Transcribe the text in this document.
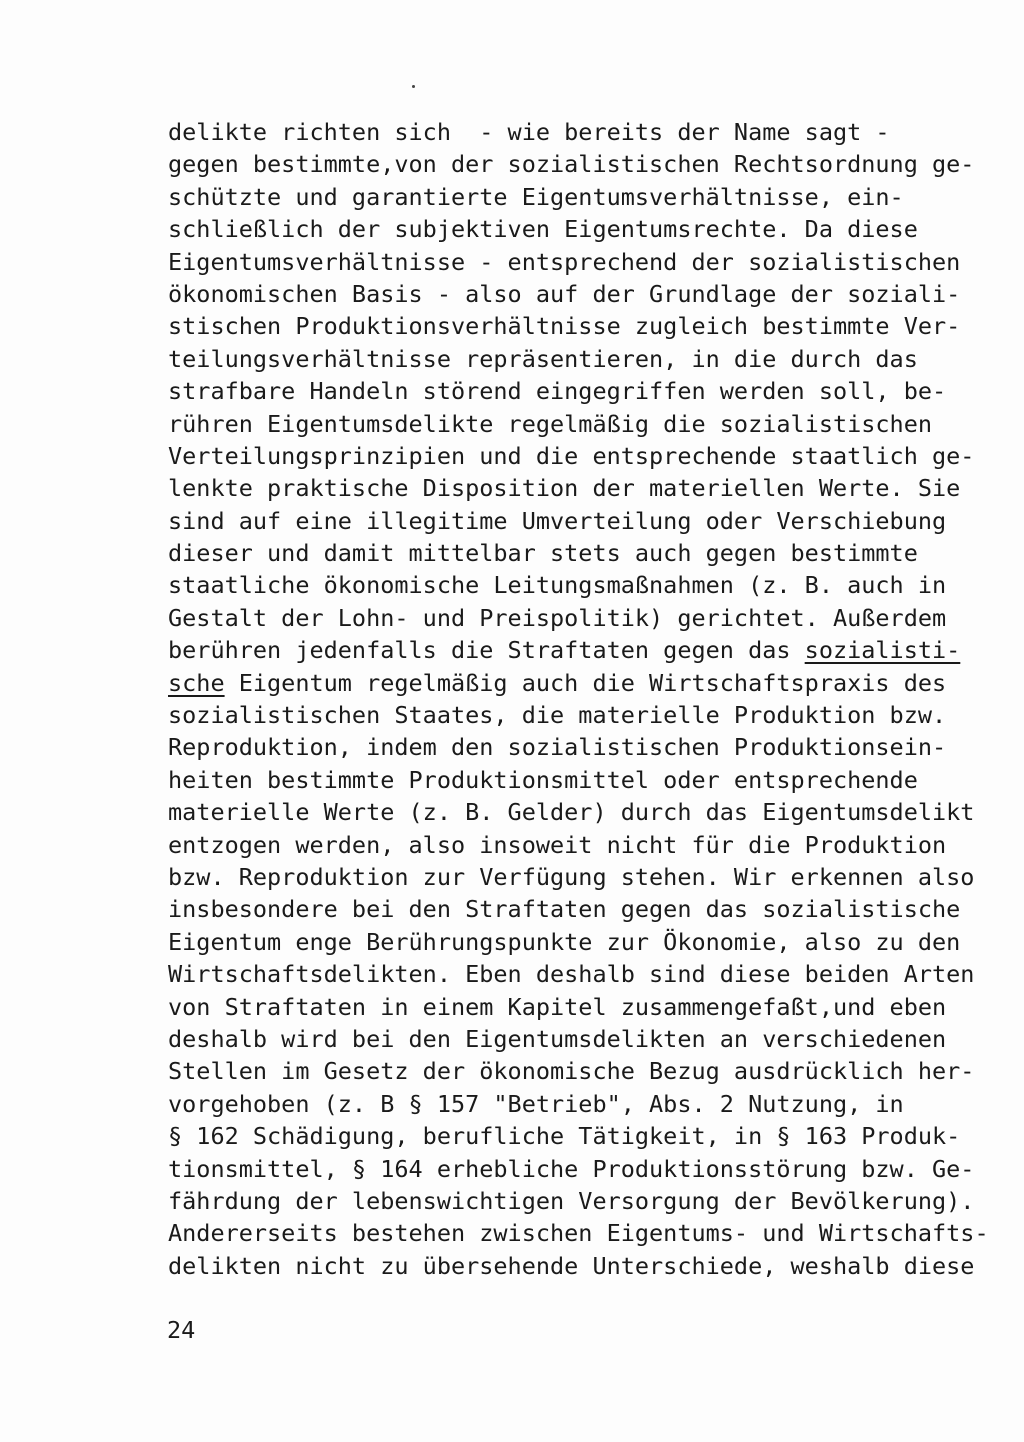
delikte richten sich  - wie bereits der Name sagt -
gegen bestimmte,von der sozialistischen Rechtsordnung ge-
schützte und garantierte Eigentumsverhältnisse, ein-
schließlich der subjektiven Eigentumsrechte. Da diese
Eigentumsverhältnisse - entsprechend der sozialistischen
ökonomischen Basis - also auf der Grundlage der soziali-
stischen Produktionsverhältnisse zugleich bestimmte Ver-
teilungsverhältnisse repräsentieren, in die durch das
strafbare Handeln störend eingegriffen werden soll, be-
rühren Eigentumsdelikte regelmäßig die sozialistischen
Verteilungsprinzipien und die entsprechende staatlich ge-
lenkte praktische Disposition der materiellen Werte. Sie
sind auf eine illegitime Umverteilung oder Verschiebung
dieser und damit mittelbar stets auch gegen bestimmte
staatliche ökonomische Leitungsmaßnahmen (z. B. auch in
Gestalt der Lohn- und Preispolitik) gerichtet. Außerdem
berühren jedenfalls die Straftaten gegen das sozialisti-
sche Eigentum regelmäßig auch die Wirtschaftspraxis des
sozialistischen Staates, die materielle Produktion bzw.
Reproduktion, indem den sozialistischen Produktionsein-
heiten bestimmte Produktionsmittel oder entsprechende
materielle Werte (z. B. Gelder) durch das Eigentumsdelikt
entzogen werden, also insoweit nicht für die Produktion
bzw. Reproduktion zur Verfügung stehen. Wir erkennen also
insbesondere bei den Straftaten gegen das sozialistische
Eigentum enge Berührungspunkte zur Ökonomie, also zu den
Wirtschaftsdelikten. Eben deshalb sind diese beiden Arten
von Straftaten in einem Kapitel zusammengefaßt,und eben
deshalb wird bei den Eigentumsdelikten an verschiedenen
Stellen im Gesetz der ökonomische Bezug ausdrücklich her-
vorgehoben (z. B § 157 "Betrieb", Abs. 2 Nutzung, in
§ 162 Schädigung, berufliche Tätigkeit, in § 163 Produk-
tionsmittel, § 164 erhebliche Produktionsstörung bzw. Ge-
fährdung der lebenswichtigen Versorgung der Bevölkerung).
Andererseits bestehen zwischen Eigentums- und Wirtschafts-
delikten nicht zu übersehende Unterschiede, weshalb diese
24
